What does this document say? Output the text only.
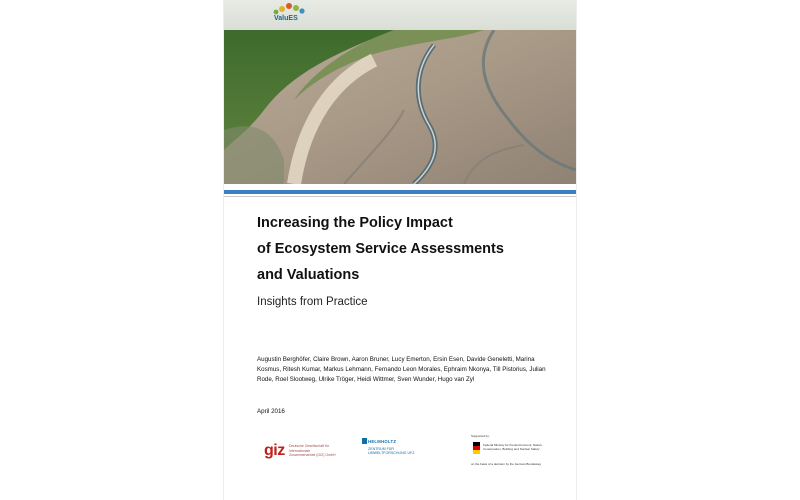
ValuES
Increasing the Policy Impact
of Ecosystem Service Assessments
and Valuations
Insights from Practice
Augustin Berghöfer, Claire Brown, Aaron Bruner, Lucy Emerton, Ersin Esen, Davide Geneletti, Marina Kosmus, Ritesh Kumar, Markus Lehmann, Fernando Leon Morales, Ephraim Nkonya, Till Pistorius, Julian Rode, Roel Slootweg, Ulrike Tröger, Heidi Wittmer, Sven Wunder, Hugo van Zyl
April 2016
giz Deutsche Gesellschaft für Internationale Zusammenarbeit (GIZ) GmbH
HELMHOLTZ
ZENTRUM FÜR UMWELTFORSCHUNG UFZ
Supported by:
Federal Ministry for the Environment, Nature Conservation, Building and Nuclear Safety
on the basis of a decision by the German Bundestag
